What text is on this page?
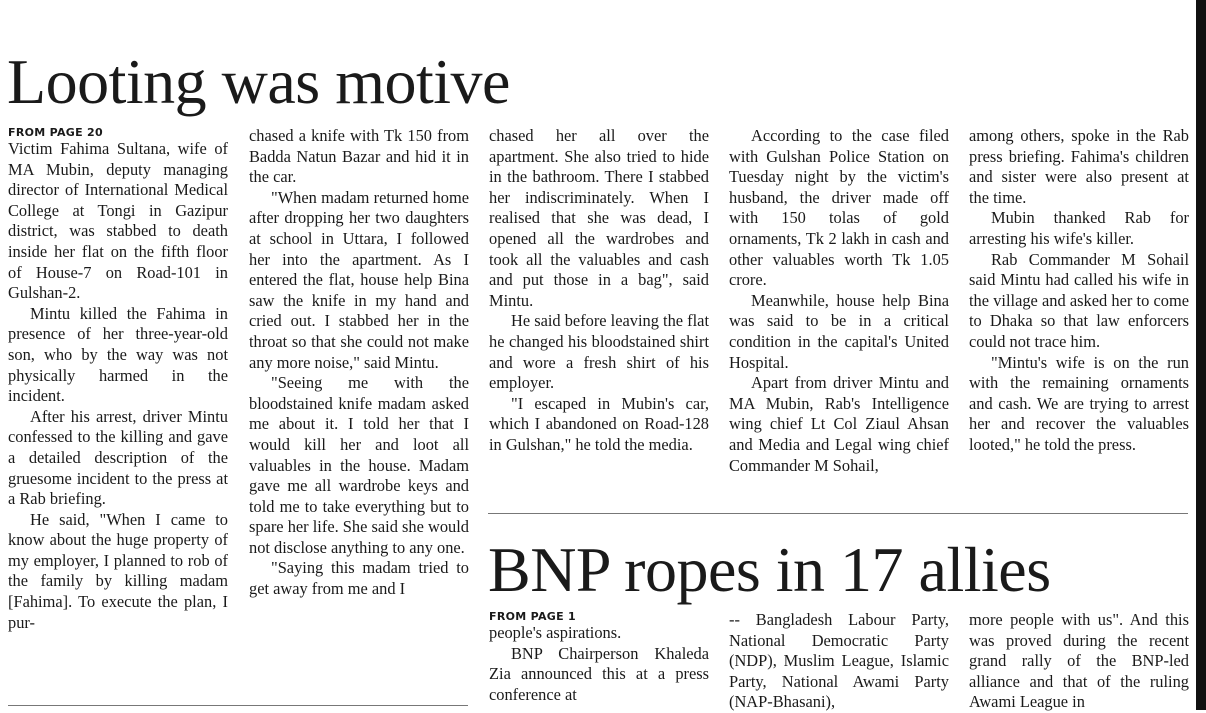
Looting was motive
FROM PAGE 20

Victim Fahima Sultana, wife of MA Mubin, deputy managing director of International Medical College at Tongi in Gazipur district, was stabbed to death inside her flat on the fifth floor of House-7 on Road-101 in Gulshan-2.

Mintu killed the Fahima in presence of her three-year-old son, who by the way was not physically harmed in the incident.

After his arrest, driver Mintu confessed to the killing and gave a detailed description of the gruesome incident to the press at a Rab briefing.

He said, "When I came to know about the huge property of my employer, I planned to rob of the family by killing madam [Fahima]. To execute the plan, I pur-

chased a knife with Tk 150 from Badda Natun Bazar and hid it in the car.

"When madam returned home after dropping her two daughters at school in Uttara, I followed her into the apartment. As I entered the flat, house help Bina saw the knife in my hand and cried out. I stabbed her in the throat so that she could not make any more noise," said Mintu.

"Seeing me with the bloodstained knife madam asked me about it. I told her that I would kill her and loot all valuables in the house. Madam gave me all wardrobe keys and told me to take everything but to spare her life. She said she would not disclose anything to any one.

"Saying this madam tried to get away from me and I

chased her all over the apartment. She also tried to hide in the bathroom. There I stabbed her indiscriminately. When I realised that she was dead, I opened all the wardrobes and took all the valuables and cash and put those in a bag", said Mintu.

He said before leaving the flat he changed his bloodstained shirt and wore a fresh shirt of his employer.

"I escaped in Mubin's car, which I abandoned on Road-128 in Gulshan," he told the media.

According to the case filed with Gulshan Police Station on Tuesday night by the victim's husband, the driver made off with 150 tolas of gold ornaments, Tk 2 lakh in cash and other valuables worth Tk 1.05 crore.

Meanwhile, house help Bina was said to be in a critical condition in the capital's United Hospital.

Apart from driver Mintu and MA Mubin, Rab's Intelligence wing chief Lt Col Ziaul Ahsan and Media and Legal wing chief Commander M Sohail,

among others, spoke in the Rab press briefing. Fahima's children and sister were also present at the time.

Mubin thanked Rab for arresting his wife's killer.

Rab Commander M Sohail said Mintu had called his wife in the village and asked her to come to Dhaka so that law enforcers could not trace him.

"Mintu's wife is on the run with the remaining ornaments and cash. We are trying to arrest her and recover the valuables looted," he told the press.

BNP ropes in 17 allies
FROM PAGE 1

people's aspirations.

BNP Chairperson Khaleda Zia announced this at a press conference at

-- Bangladesh Labour Party, National Democratic Party (NDP), Muslim League, Islamic Party, National Awami Party (NAP-Bhasani),

more people with us". And this was proved during the recent grand rally of the BNP-led alliance and that of the ruling Awami League in
